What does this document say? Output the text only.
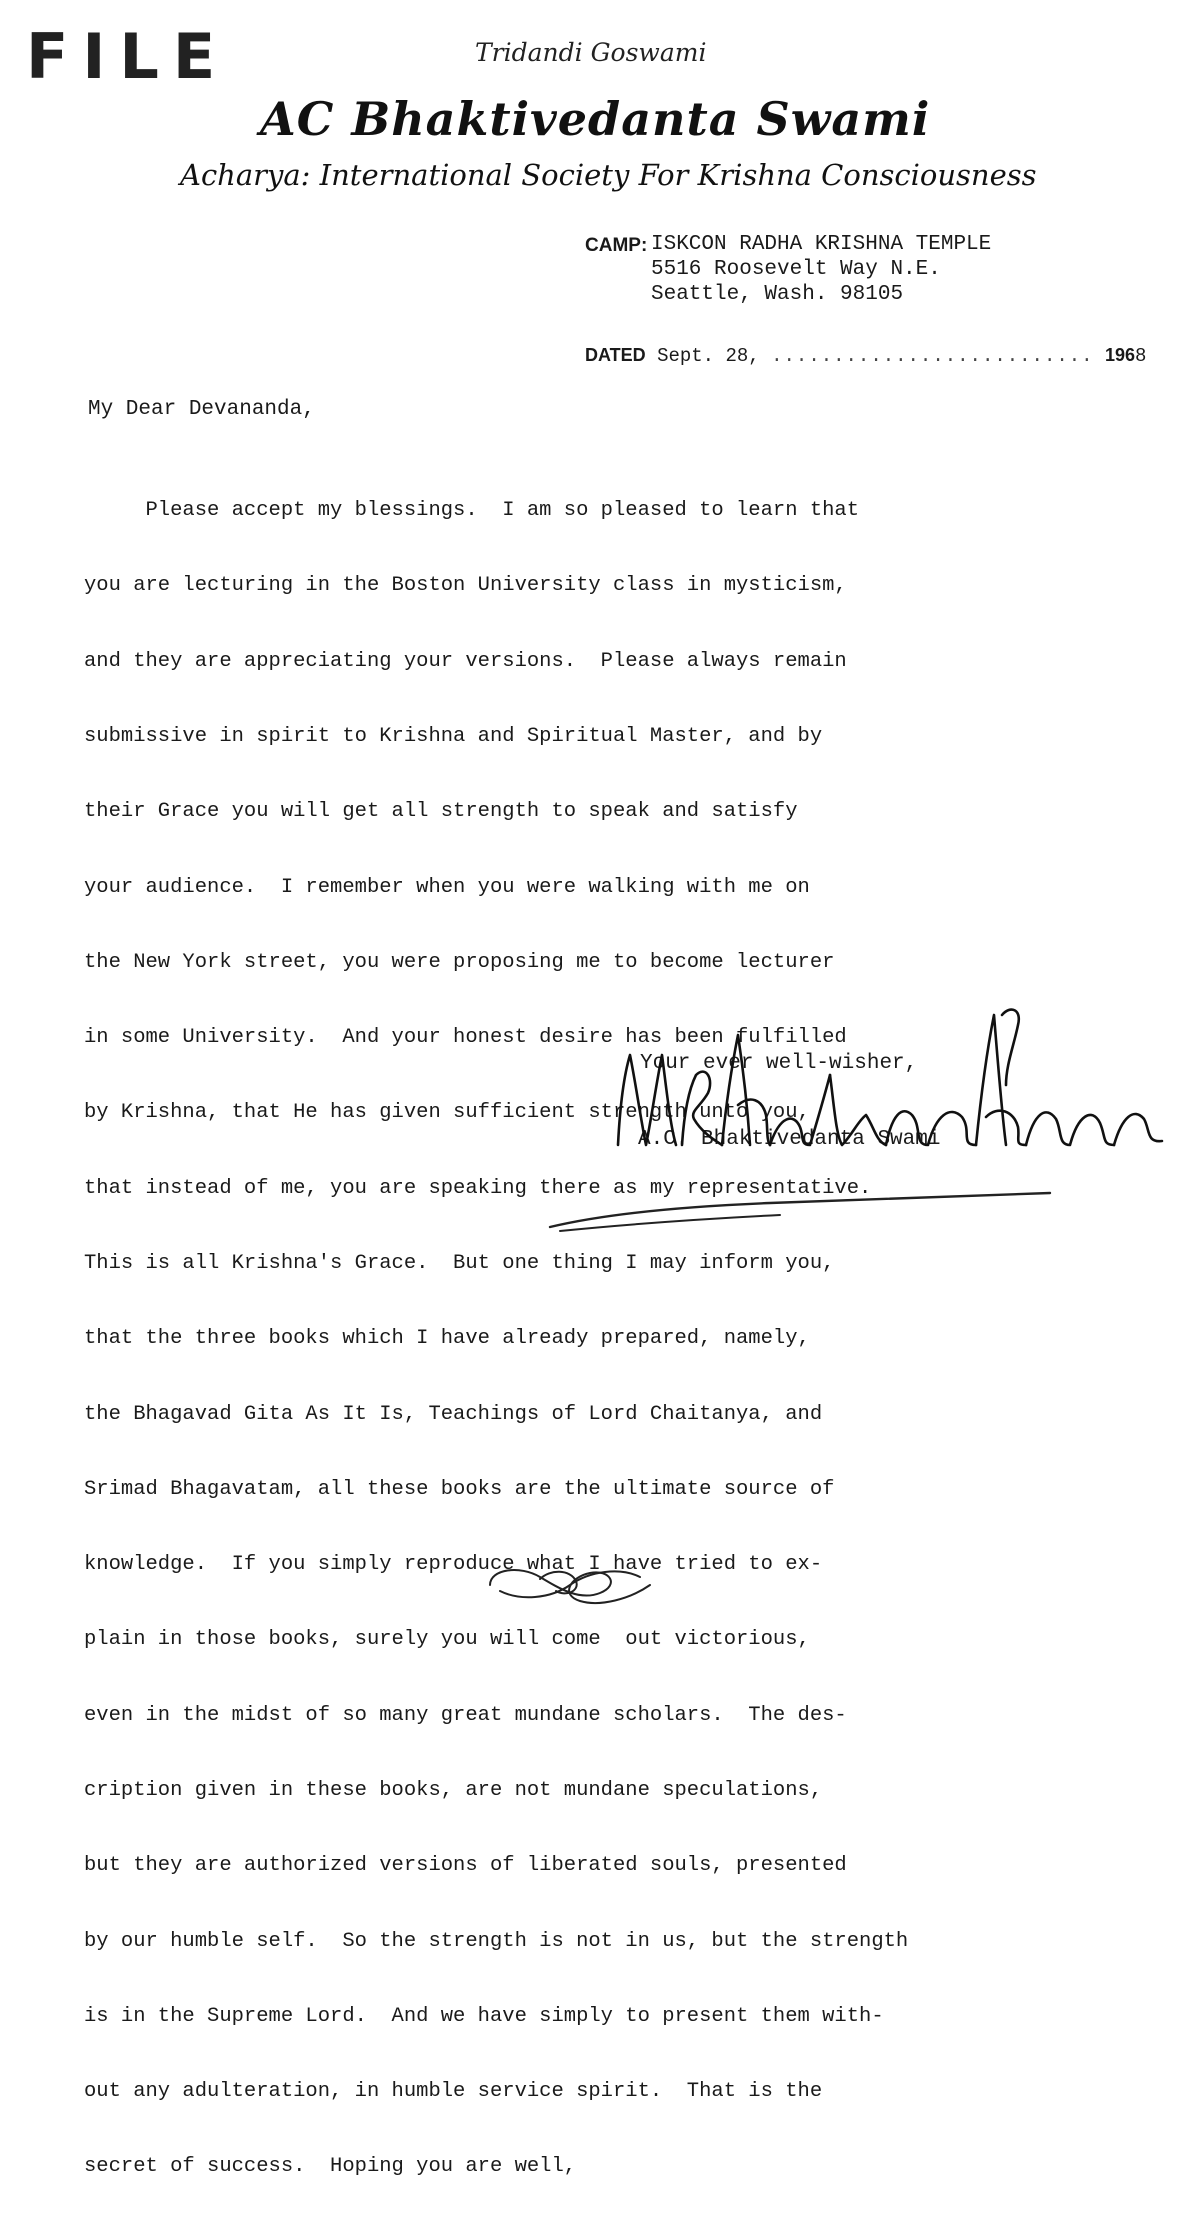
FILE	Tridandi Goswami
AC Bhaktivedanta Swami
Acharya: International Society For Krishna Consciousness
CAMP: ISKCON RADHA KRISHNA TEMPLE
5516 Roosevelt Way N.E.
Seattle, Wash. 98105
DATED Sept. 28, .......................... 1968
My Dear Devananda,

Please accept my blessings.  I am so pleased to learn that

you are lecturing in the Boston University class in mysticism,

and they are appreciating your versions.  Please always remain

submissive in spirit to Krishna and Spiritual Master, and by

their Grace you will get all strength to speak and satisfy

your audience.  I remember when you were walking with me on

the New York street, you were proposing me to become lecturer

in some University.  And your honest desire has been fulfilled

by Krishna, that He has given sufficient strength unto you,

that instead of me, you are speaking there as my representative.

This is all Krishna's Grace.  But one thing I may inform you,

that the three books which I have already prepared, namely,

the Bhagavad Gita As It Is, Teachings of Lord Chaitanya, and

Srimad Bhagavatam, all these books are the ultimate source of

knowledge.  If you simply reproduce what I have tried to ex-

plain in those books, surely you will come  out victorious,

even in the midst of so many great mundane scholars.  The des-

cription given in these books, are not mundane speculations,

but they are authorized versions of liberated souls, presented

by our humble self.  So the strength is not in us, but the strength

is in the Supreme Lord.  And we have simply to present them with-

out any adulteration, in humble service spirit.  That is the

secret of success.  Hoping you are well,

Your ever well-wisher,
A.C. Bhaktivedanta Swami
